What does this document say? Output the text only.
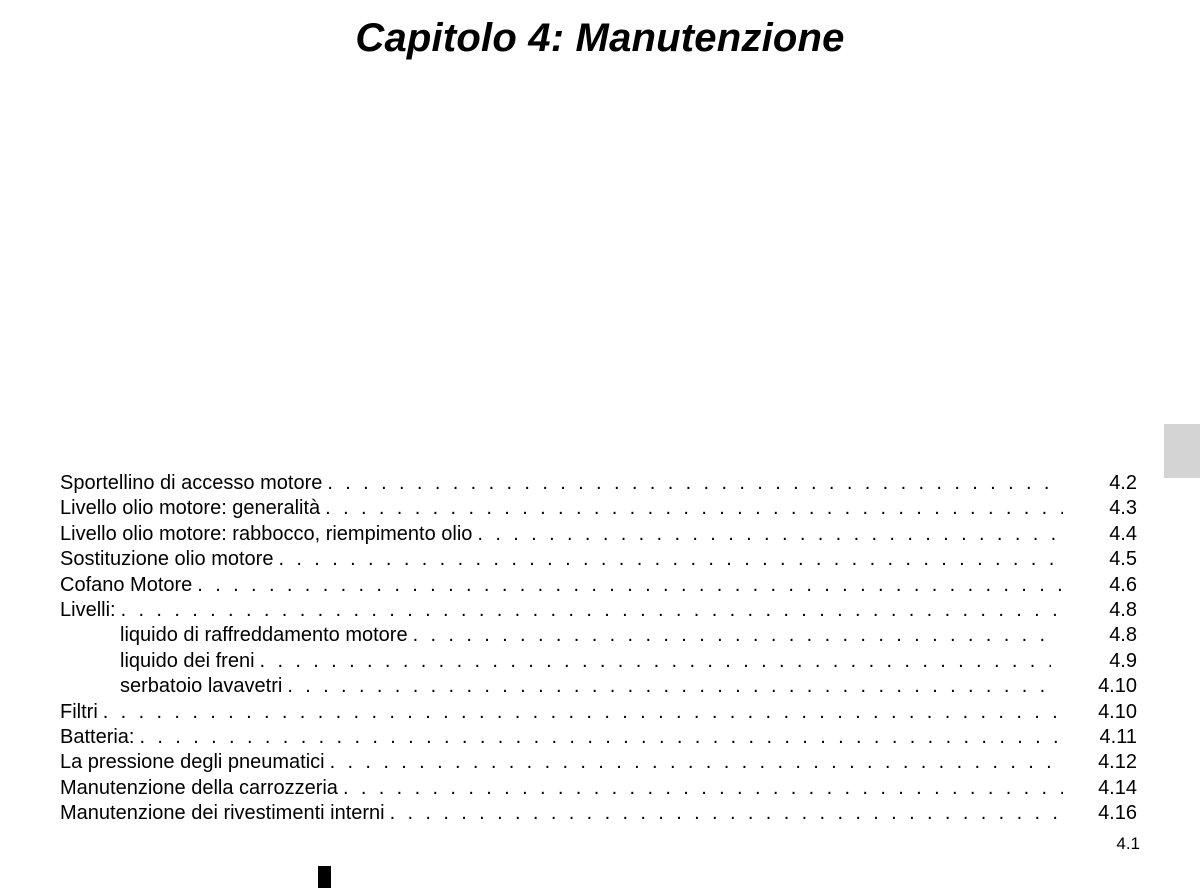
Capitolo 4: Manutenzione
Sportellino di accesso motore . . .	4.2
Livello olio motore: generalità . . .	4.3
Livello olio motore: rabbocco, riempimento olio . . .	4.4
Sostituzione olio motore . . .	4.5
Cofano Motore . . .	4.6
Livelli: . . .	4.8
liquido di raffreddamento motore . . .	4.8
liquido dei freni . . .	4.9
serbatoio lavavetri . . .	4.10
Filtri . . .	4.10
Batteria: . . .	4.11
La pressione degli pneumatici . . .	4.12
Manutenzione della carrozzeria . . .	4.14
Manutenzione dei rivestimenti interni . . .	4.16
4.1
